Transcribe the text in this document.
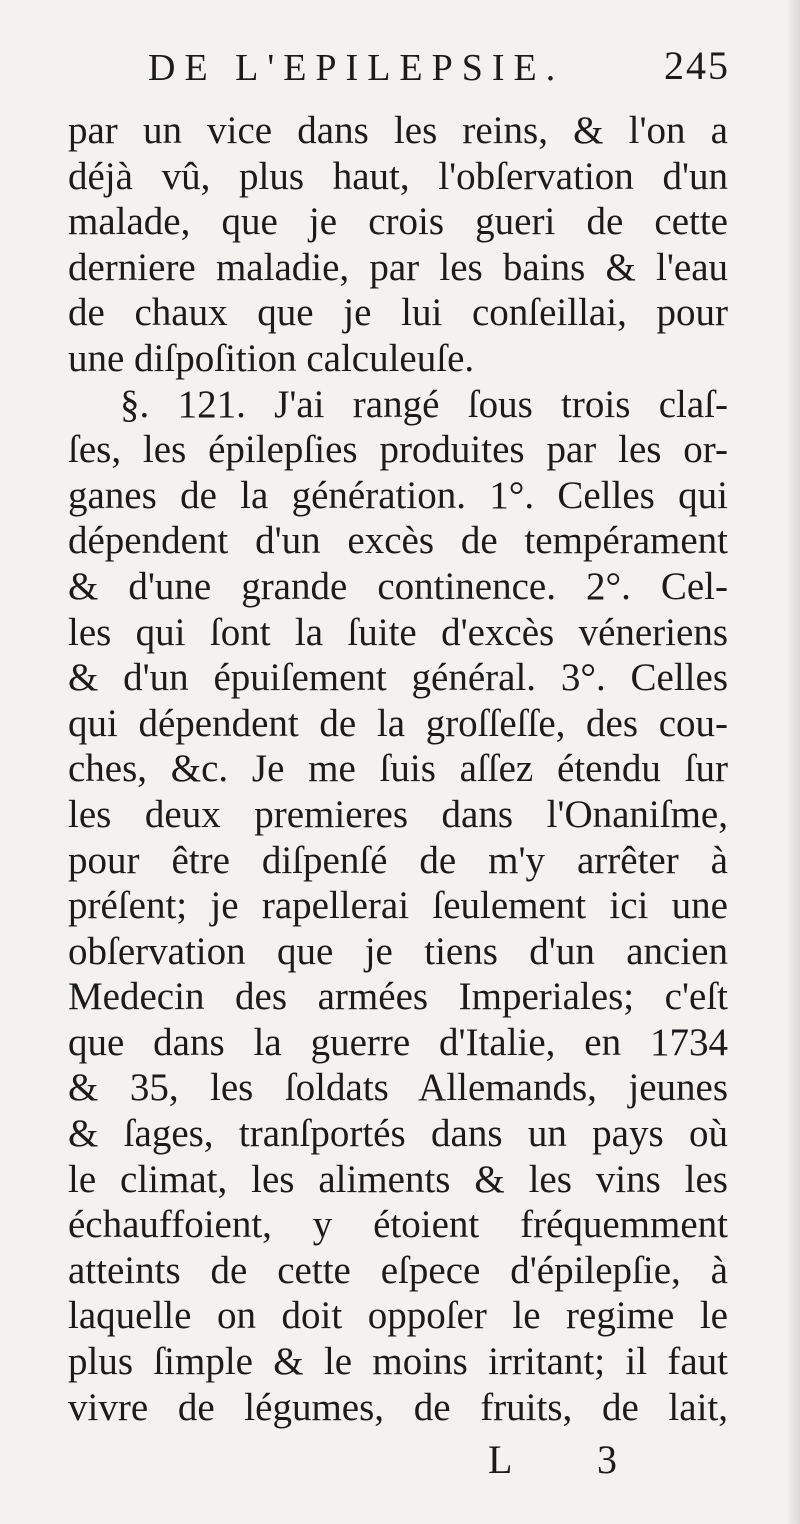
DE L'EPILEPSIE. 245
par un vice dans les reins, & l'on a
déjà vû, plus haut, l'obſervation d'un
malade, que je crois gueri de cette
derniere maladie, par les bains & l'eau
de chaux que je lui conſeillai, pour
une diſpoſition calculeuſe.
§. 121. J'ai rangé ſous trois claſ-
ſes, les épilepſies produites par les or-
ganes de la génération. 1°. Celles qui
dépendent d'un excès de tempérament
& d'une grande continence. 2°. Cel-
les qui ſont la ſuite d'excès véneriens
& d'un épuiſement général. 3°. Celles
qui dépendent de la groſſeſſe, des cou-
ches, &c. Je me ſuis aſſez étendu ſur
les deux premieres dans l'Onaniſme,
pour être diſpenſé de m'y arrêter à
préſent; je rapellerai ſeulement ici une
obſervation que je tiens d'un ancien
Medecin des armées Imperiales; c'eſt
que dans la guerre d'Italie, en 1734
& 35, les ſoldats Allemands, jeunes
& ſages, tranſportés dans un pays où
le climat, les aliments & les vins les
échauffoient, y étoient fréquemment
atteints de cette eſpece d'épilepſie, à
laquelle on doit oppoſer le regime le
plus ſimple & le moins irritant; il faut
vivre de légumes, de fruits, de lait,
L 3
